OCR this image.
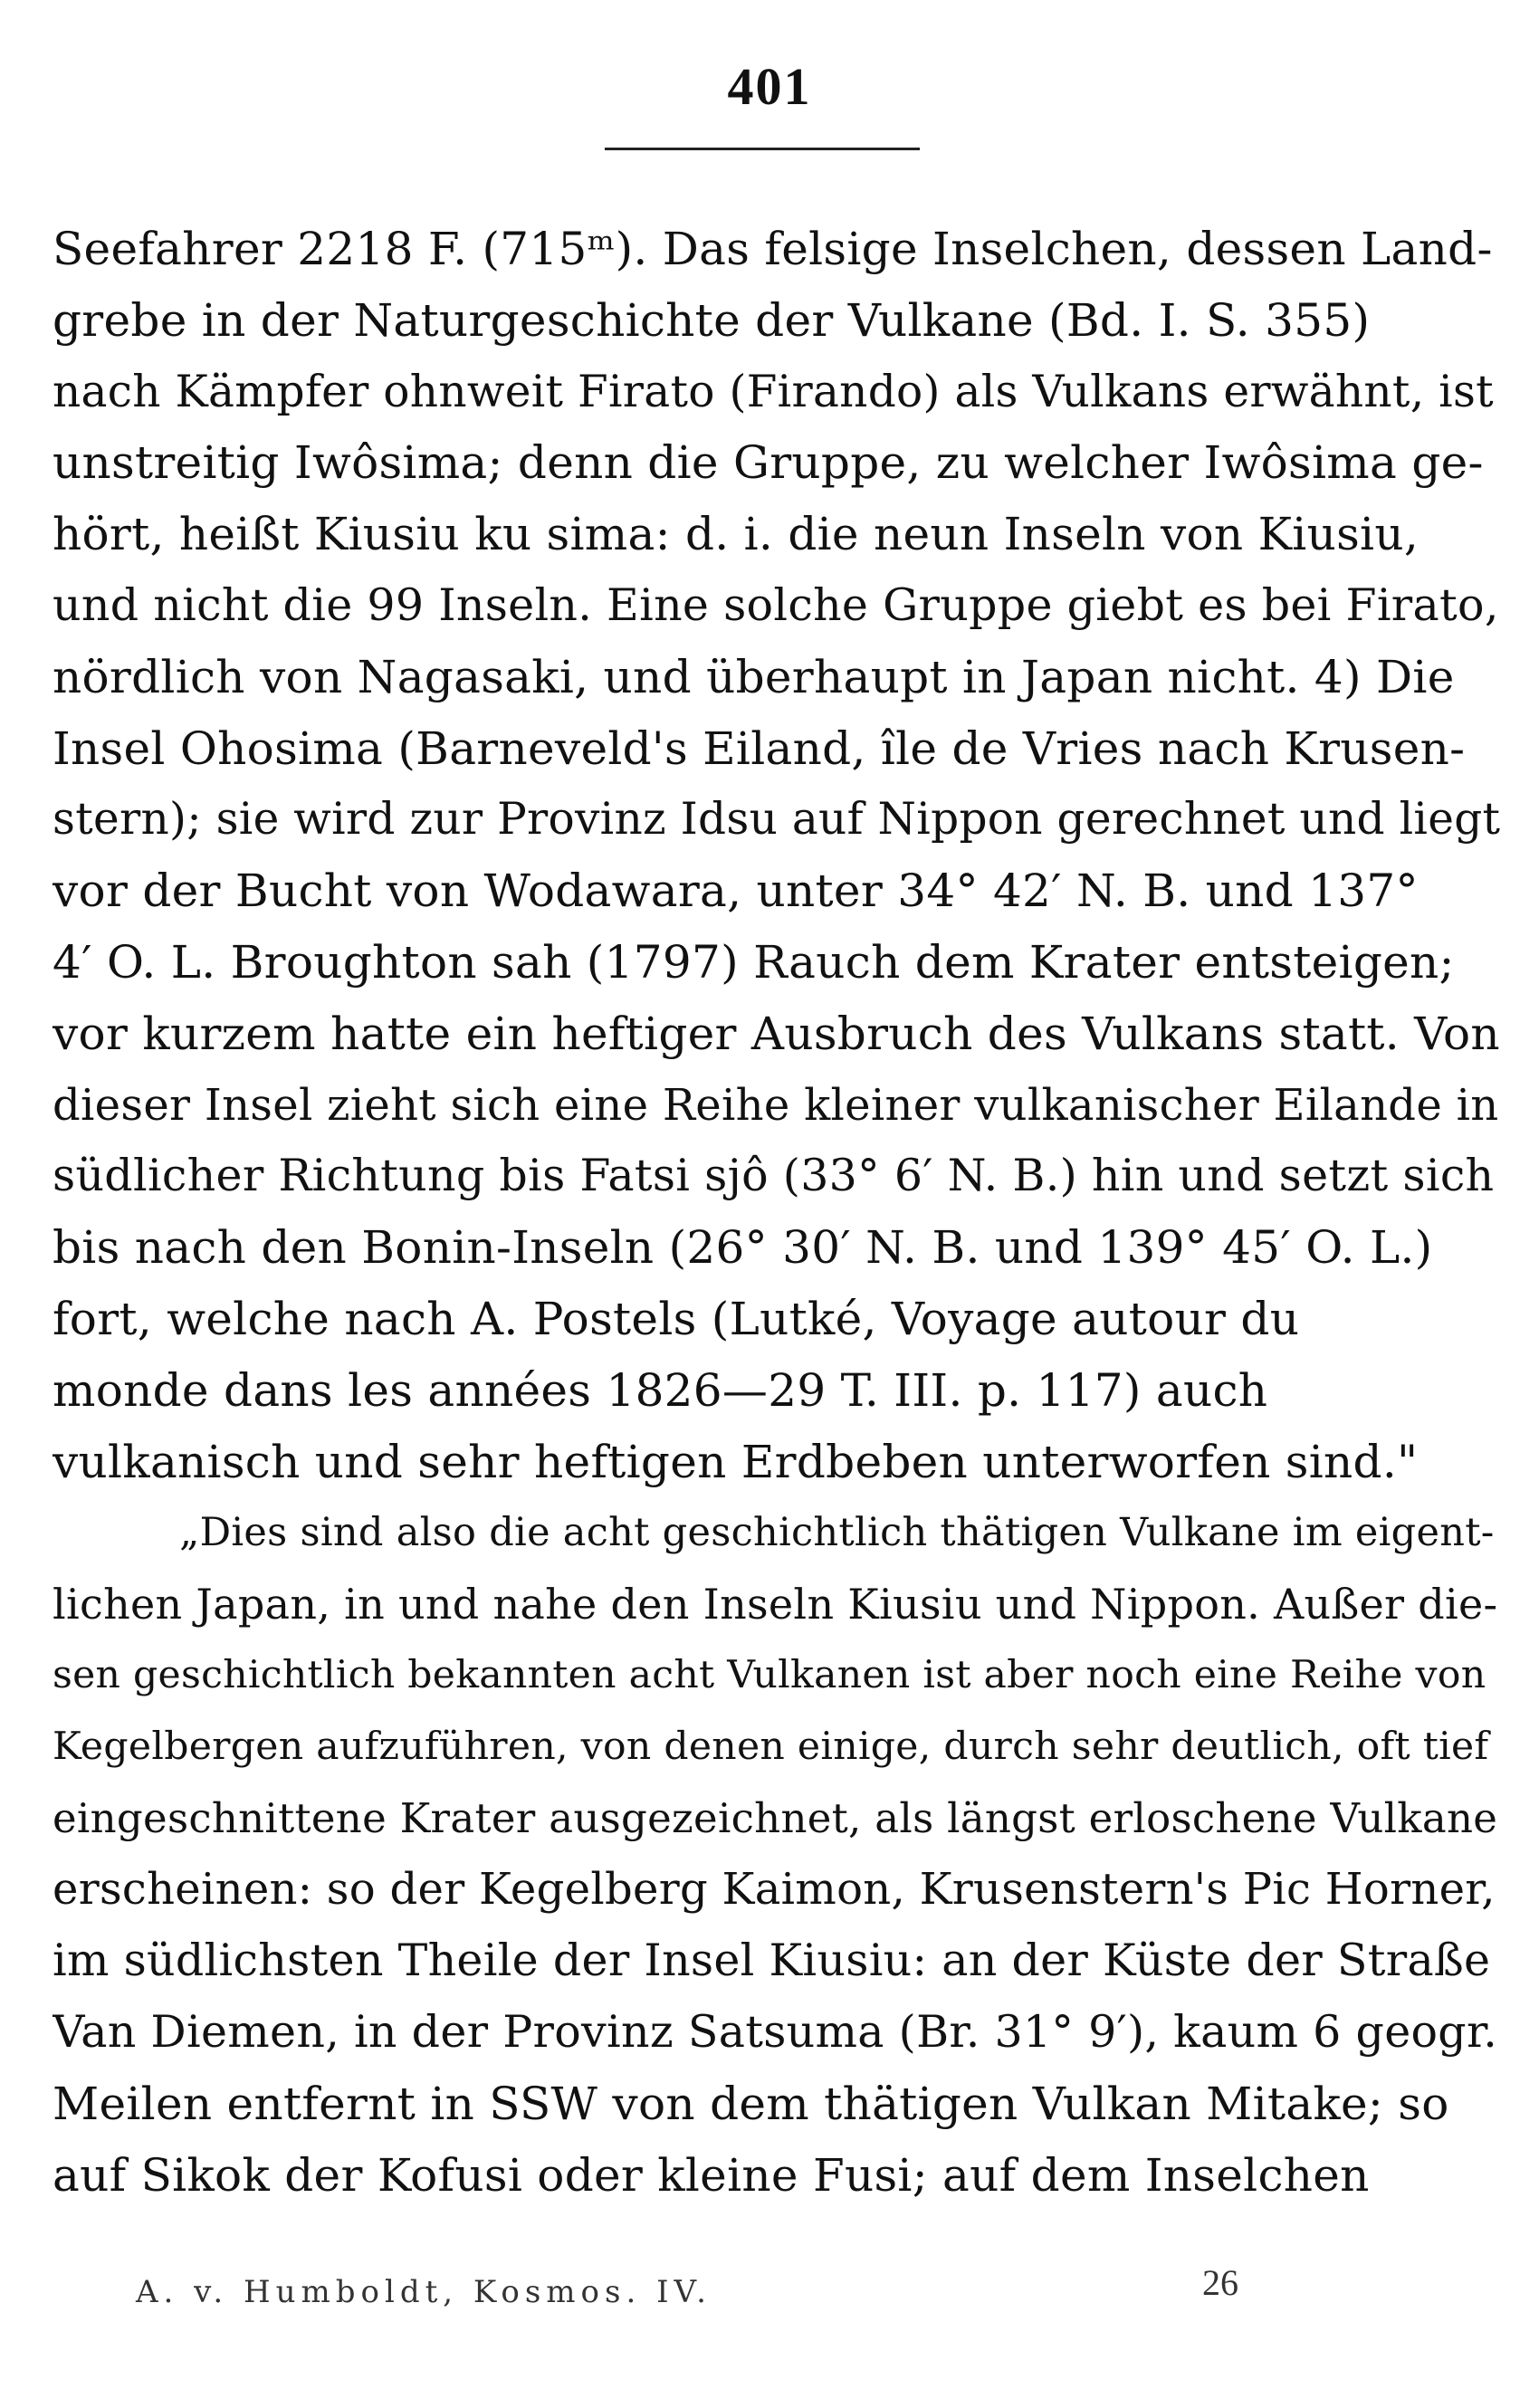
401
Seefahrer 2218 F. (715ᵐ). Das felsige Inselchen, dessen Land-
grebe in der Naturgeschichte der Vulkane (Bd. I. S. 355)
nach Kämpfer ohnweit Firato (Firando) als Vulkans erwähnt, ist
unstreitig Iwôsima; denn die Gruppe, zu welcher Iwôsima ge-
hört, heißt Kiusiu ku sima: d. i. die neun Inseln von Kiusiu,
und nicht die 99 Inseln. Eine solche Gruppe giebt es bei Firato,
nördlich von Nagasaki, und überhaupt in Japan nicht. 4) Die
Insel Ohosima (Barneveld's Eiland, île de Vries nach Krusen-
stern); sie wird zur Provinz Idsu auf Nippon gerechnet und liegt
vor der Bucht von Wodawara, unter 34° 42′ N. B. und 137°
4′ O. L. Broughton sah (1797) Rauch dem Krater entsteigen;
vor kurzem hatte ein heftiger Ausbruch des Vulkans statt. Von
dieser Insel zieht sich eine Reihe kleiner vulkanischer Eilande in
südlicher Richtung bis Fatsi sjô (33° 6′ N. B.) hin und setzt sich
bis nach den Bonin-Inseln (26° 30′ N. B. und 139° 45′ O. L.)
fort, welche nach A. Postels (Lutké, Voyage autour du
monde dans les années 1826—29 T. III. p. 117) auch
vulkanisch und sehr heftigen Erdbeben unterworfen sind."
„Dies sind also die acht geschichtlich thätigen Vulkane im eigent-
lichen Japan, in und nahe den Inseln Kiusiu und Nippon. Außer die-
sen geschichtlich bekannten acht Vulkanen ist aber noch eine Reihe von
Kegelbergen aufzuführen, von denen einige, durch sehr deutlich, oft tief
eingeschnittene Krater ausgezeichnet, als längst erloschene Vulkane
erscheinen: so der Kegelberg Kaimon, Krusenstern's Pic Horner,
im südlichsten Theile der Insel Kiusiu: an der Küste der Straße
Van Diemen, in der Provinz Satsuma (Br. 31° 9′), kaum 6 geogr.
Meilen entfernt in SSW von dem thätigen Vulkan Mitake; so
auf Sikok der Kofusi oder kleine Fusi; auf dem Inselchen
A. v. Humboldt, Kosmos. IV.	26
